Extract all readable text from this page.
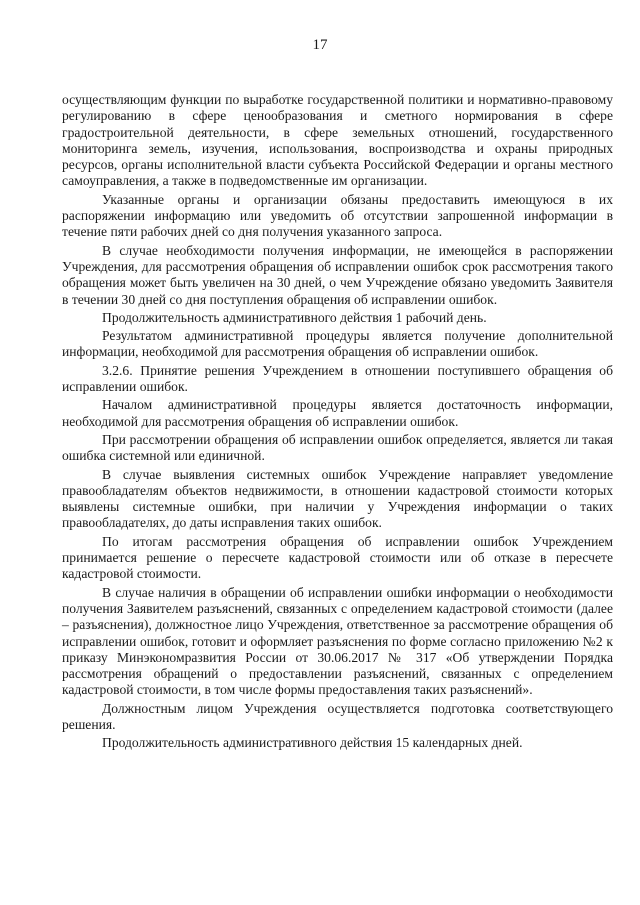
17

осуществляющим функции по выработке государственной политики и нормативно-правовому регулированию в сфере ценообразования и сметного нормирования в сфере градостроительной деятельности, в сфере земельных отношений, государственного мониторинга земель, изучения, использования, воспроизводства и охраны природных ресурсов, органы исполнительной власти субъекта Российской Федерации и органы местного самоуправления, а также в подведомственные им организации.

Указанные органы и организации обязаны предоставить имеющуюся в их распоряжении информацию или уведомить об отсутствии запрошенной информации в течение пяти рабочих дней со дня получения указанного запроса.

В случае необходимости получения информации, не имеющейся в распоряжении Учреждения, для рассмотрения обращения об исправлении ошибок срок рассмотрения такого обращения может быть увеличен на 30 дней, о чем Учреждение обязано уведомить Заявителя в течении 30 дней со дня поступления обращения об исправлении ошибок.

Продолжительность административного действия 1 рабочий день.

Результатом административной процедуры является получение дополнительной информации, необходимой для рассмотрения обращения об исправлении ошибок.

3.2.6. Принятие решения Учреждением в отношении поступившего обращения об исправлении ошибок.

Началом административной процедуры является достаточность информации, необходимой для рассмотрения обращения об исправлении ошибок.

При рассмотрении обращения об исправлении ошибок определяется, является ли такая ошибка системной или единичной.

В случае выявления системных ошибок Учреждение направляет уведомление правообладателям объектов недвижимости, в отношении кадастровой стоимости которых выявлены системные ошибки, при наличии у Учреждения информации о таких правообладателях, до даты исправления таких ошибок.

По итогам рассмотрения обращения об исправлении ошибок Учреждением принимается решение о пересчете кадастровой стоимости или об отказе в пересчете кадастровой стоимости.

В случае наличия в обращении об исправлении ошибки информации о необходимости получения Заявителем разъяснений, связанных с определением кадастровой стоимости (далее – разъяснения), должностное лицо Учреждения, ответственное за рассмотрение обращения об исправлении ошибок, готовит и оформляет разъяснения по форме согласно приложению №2 к приказу Минэкономразвития России от 30.06.2017 № 317 «Об утверждении Порядка рассмотрения обращений о предоставлении разъяснений, связанных с определением кадастровой стоимости, в том числе формы предоставления таких разъяснений».

Должностным лицом Учреждения осуществляется подготовка соответствующего решения.

Продолжительность административного действия 15 календарных дней.
